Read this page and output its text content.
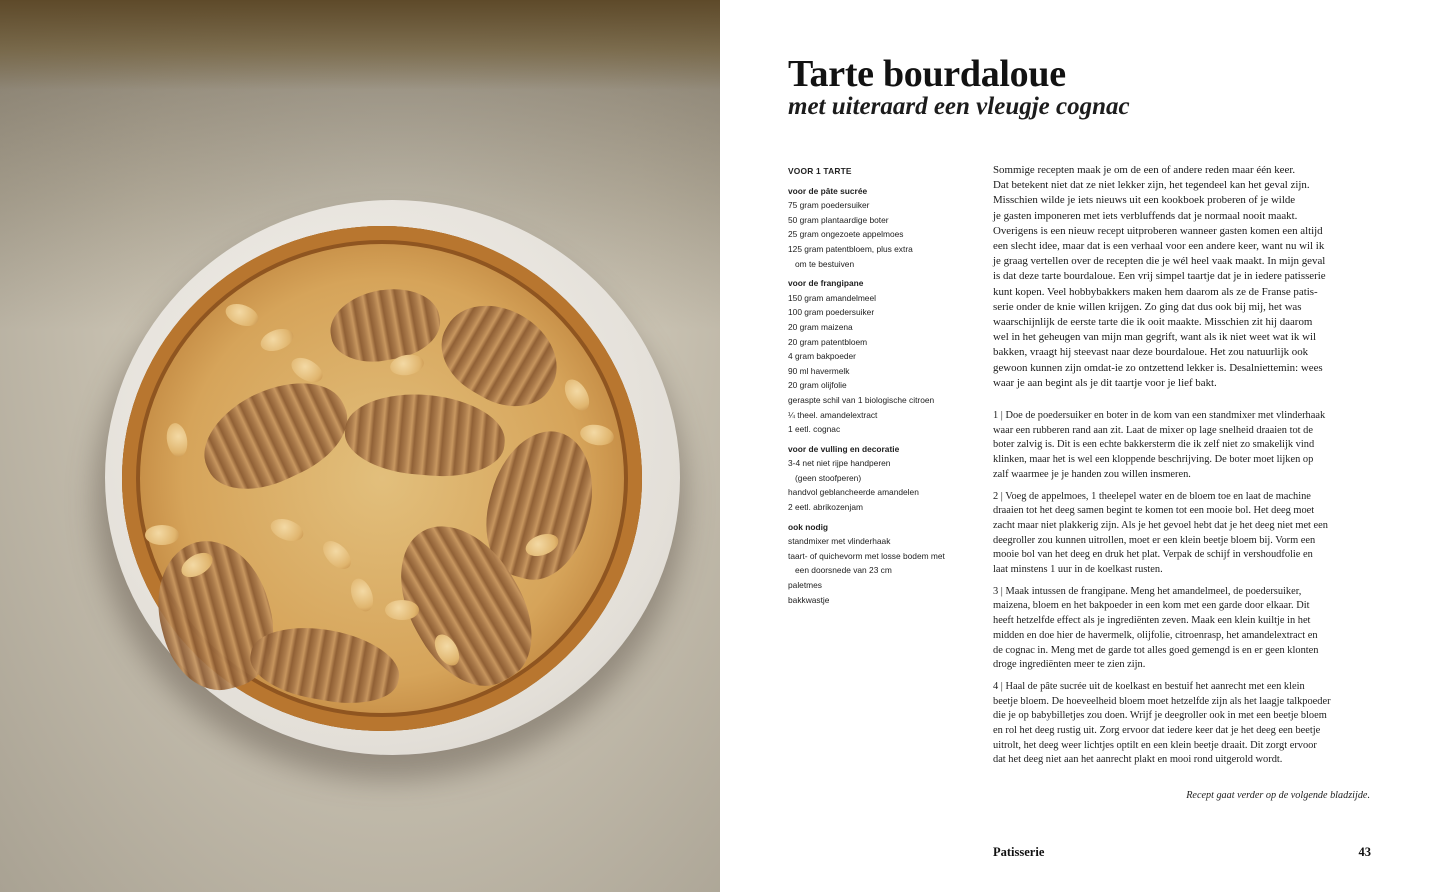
Tarte bourdaloue
met uiteraard een vleugje cognac
VOOR 1 TARTE
voor de pâte sucrée
75 gram poedersuiker
50 gram plantaardige boter
25 gram ongezoete appelmoes
125 gram patentbloem, plus extra
om te bestuiven
voor de frangipane
150 gram amandelmeel
100 gram poedersuiker
20 gram maizena
20 gram patentbloem
4 gram bakpoeder
90 ml havermelk
20 gram olijfolie
geraspte schil van 1 biologische citroen
¼ theel. amandelextract
1 eetl. cognac
voor de vulling en decoratie
3-4 net niet rijpe handperen
(geen stoofperen)
handvol geblancheerde amandelen
2 eetl. abrikozenjam
ook nodig
standmixer met vlinderhaak
taart- of quichevorm met losse bodem met
een doorsnede van 23 cm
paletmes
bakkwastje

Sommige recepten maak je om de een of andere reden maar één keer.
Dat betekent niet dat ze niet lekker zijn, het tegendeel kan het geval zijn.
Misschien wilde je iets nieuws uit een kookboek proberen of je wilde
je gasten imponeren met iets verbluffends dat je normaal nooit maakt.
Overigens is een nieuw recept uitproberen wanneer gasten komen een altijd
een slecht idee, maar dat is een verhaal voor een andere keer, want nu wil ik
je graag vertellen over de recepten die je wél heel vaak maakt. In mijn geval
is dat deze tarte bourdaloue. Een vrij simpel taartje dat je in iedere patisserie
kunt kopen. Veel hobbybakkers maken hem daarom als ze de Franse patis-
serie onder de knie willen krijgen. Zo ging dat dus ook bij mij, het was
waarschijnlijk de eerste tarte die ik ooit maakte. Misschien zit hij daarom
wel in het geheugen van mijn man gegrift, want als ik niet weet wat ik wil
bakken, vraagt hij steevast naar deze bourdaloue. Het zou natuurlijk ook
gewoon kunnen zijn omdat-ie zo ontzettend lekker is. Desalniettemin: wees
waar je aan begint als je dit taartje voor je lief bakt.

1 | Doe de poedersuiker en boter in de kom van een standmixer met vlinderhaak
waar een rubberen rand aan zit. Laat de mixer op lage snelheid draaien tot de
boter zalvig is. Dit is een echte bakkersterm die ik zelf niet zo smakelijk vind
klinken, maar het is wel een kloppende beschrijving. De boter moet lijken op
zalf waarmee je je handen zou willen insmeren.
2 | Voeg de appelmoes, 1 theelepel water en de bloem toe en laat de machine
draaien tot het deeg samen begint te komen tot een mooie bol. Het deeg moet
zacht maar niet plakkerig zijn. Als je het gevoel hebt dat je het deeg niet met een
deegroller zou kunnen uitrollen, moet er een klein beetje bloem bij. Vorm een
mooie bol van het deeg en druk het plat. Verpak de schijf in vershoudfolie en
laat minstens 1 uur in de koelkast rusten.
3 | Maak intussen de frangipane. Meng het amandelmeel, de poedersuiker,
maizena, bloem en het bakpoeder in een kom met een garde door elkaar. Dit
heeft hetzelfde effect als je ingrediënten zeven. Maak een klein kuiltje in het
midden en doe hier de havermelk, olijfolie, citroenrasp, het amandelextract en
de cognac in. Meng met de garde tot alles goed gemengd is en er geen klonten
droge ingrediënten meer te zien zijn.
4 | Haal de pâte sucrée uit de koelkast en bestuif het aanrecht met een klein
beetje bloem. De hoeveelheid bloem moet hetzelfde zijn als het laagje talkpoeder
die je op babybilletjes zou doen. Wrijf je deegroller ook in met een beetje bloem
en rol het deeg rustig uit. Zorg ervoor dat iedere keer dat je het deeg een beetje
uitrolt, het deeg weer lichtjes optilt en een klein beetje draait. Dit zorgt ervoor
dat het deeg niet aan het aanrecht plakt en mooi rond uitgerold wordt.

Recept gaat verder op de volgende bladzijde.

Patisserie	43
